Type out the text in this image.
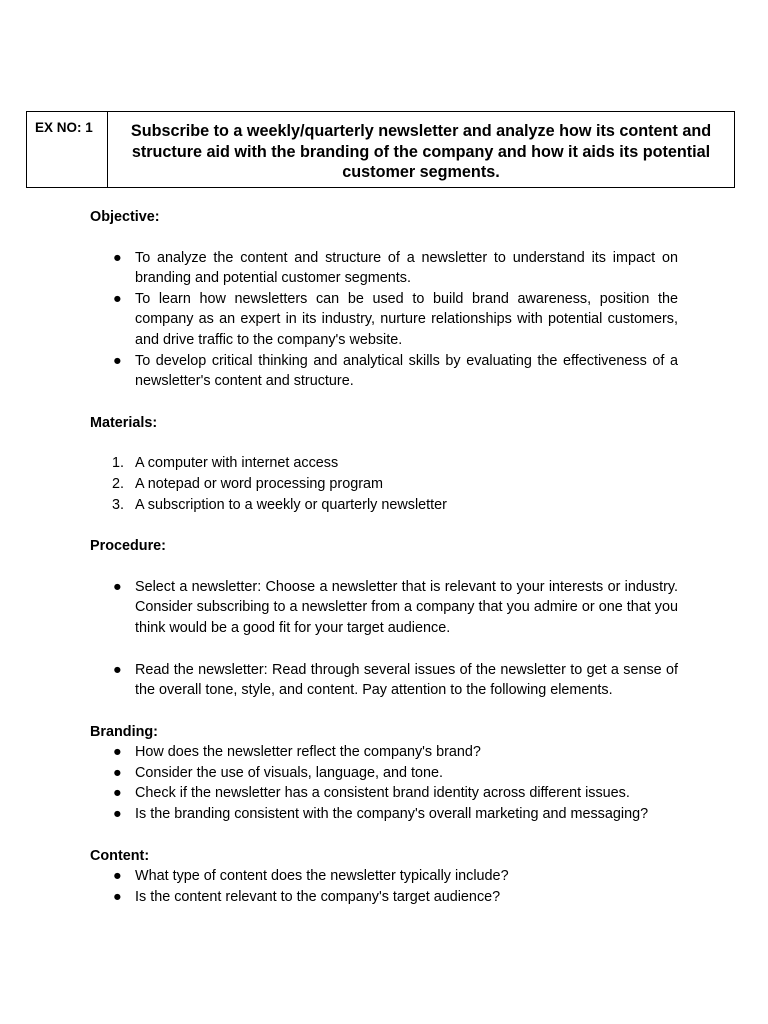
EX NO: 1	Subscribe to a weekly/quarterly newsletter and analyze how its content and structure aid with the branding of the company and how it aids its potential customer segments.

Objective:

● To analyze the content and structure of a newsletter to understand its impact on branding and potential customer segments.
● To learn how newsletters can be used to build brand awareness, position the company as an expert in its industry, nurture relationships with potential customers, and drive traffic to the company's website.
● To develop critical thinking and analytical skills by evaluating the effectiveness of a newsletter's content and structure.

Materials:

1. A computer with internet access
2. A notepad or word processing program
3. A subscription to a weekly or quarterly newsletter

Procedure:

● Select a newsletter: Choose a newsletter that is relevant to your interests or industry. Consider subscribing to a newsletter from a company that you admire or one that you think would be a good fit for your target audience.
● Read the newsletter: Read through several issues of the newsletter to get a sense of the overall tone, style, and content. Pay attention to the following elements.

Branding:

● How does the newsletter reflect the company's brand?
● Consider the use of visuals, language, and tone.
● Check if the newsletter has a consistent brand identity across different issues.
● Is the branding consistent with the company's overall marketing and messaging?

Content:

● What type of content does the newsletter typically include?
● Is the content relevant to the company's target audience?
